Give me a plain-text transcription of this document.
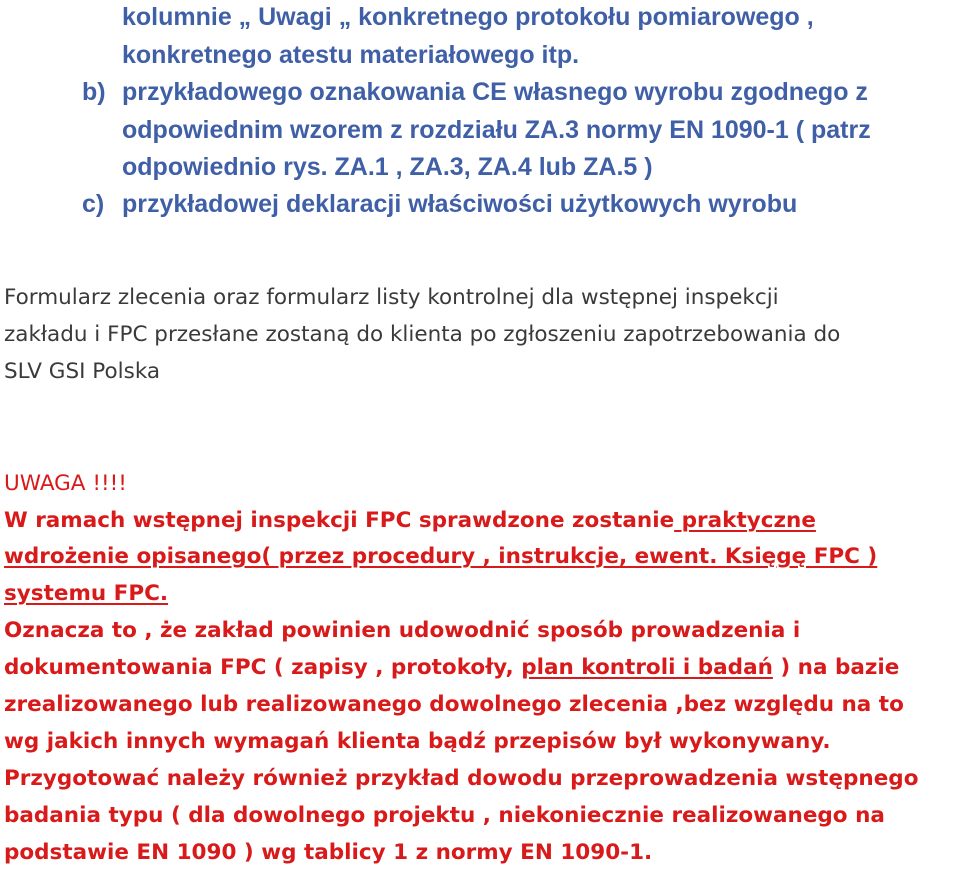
kolumnie „ Uwagi „ konkretnego protokołu pomiarowego ,
konkretnego atestu materiałowego itp.
b) przykładowego oznakowania CE własnego wyrobu zgodnego z
odpowiednim wzorem z rozdziału ZA.3 normy EN 1090-1 ( patrz
odpowiednio rys. ZA.1 , ZA.3, ZA.4 lub ZA.5 )
c) przykładowej deklaracji właściwości użytkowych wyrobu
Formularz zlecenia oraz formularz listy kontrolnej dla wstępnej inspekcji
zakładu i FPC przesłane zostaną do klienta po zgłoszeniu zapotrzebowania do
SLV GSI Polska
UWAGA !!!!
W ramach wstępnej inspekcji FPC sprawdzone zostanie praktyczne
wdrożenie opisanego( przez procedury , instrukcje, ewent. Księgę FPC )
systemu FPC.
Oznacza to , że zakład powinien udowodnić sposób prowadzenia i
dokumentowania FPC ( zapisy , protokoły, plan kontroli i badań ) na bazie
zrealizowanego lub realizowanego dowolnego zlecenia ,bez względu na to
wg jakich innych wymagań klienta bądź przepisów był wykonywany.
Przygotować należy również przykład dowodu przeprowadzenia wstępnego
badania typu ( dla dowolnego projektu , niekoniecznie realizowanego na
podstawie EN 1090 ) wg tablicy 1 z normy EN 1090-1.
